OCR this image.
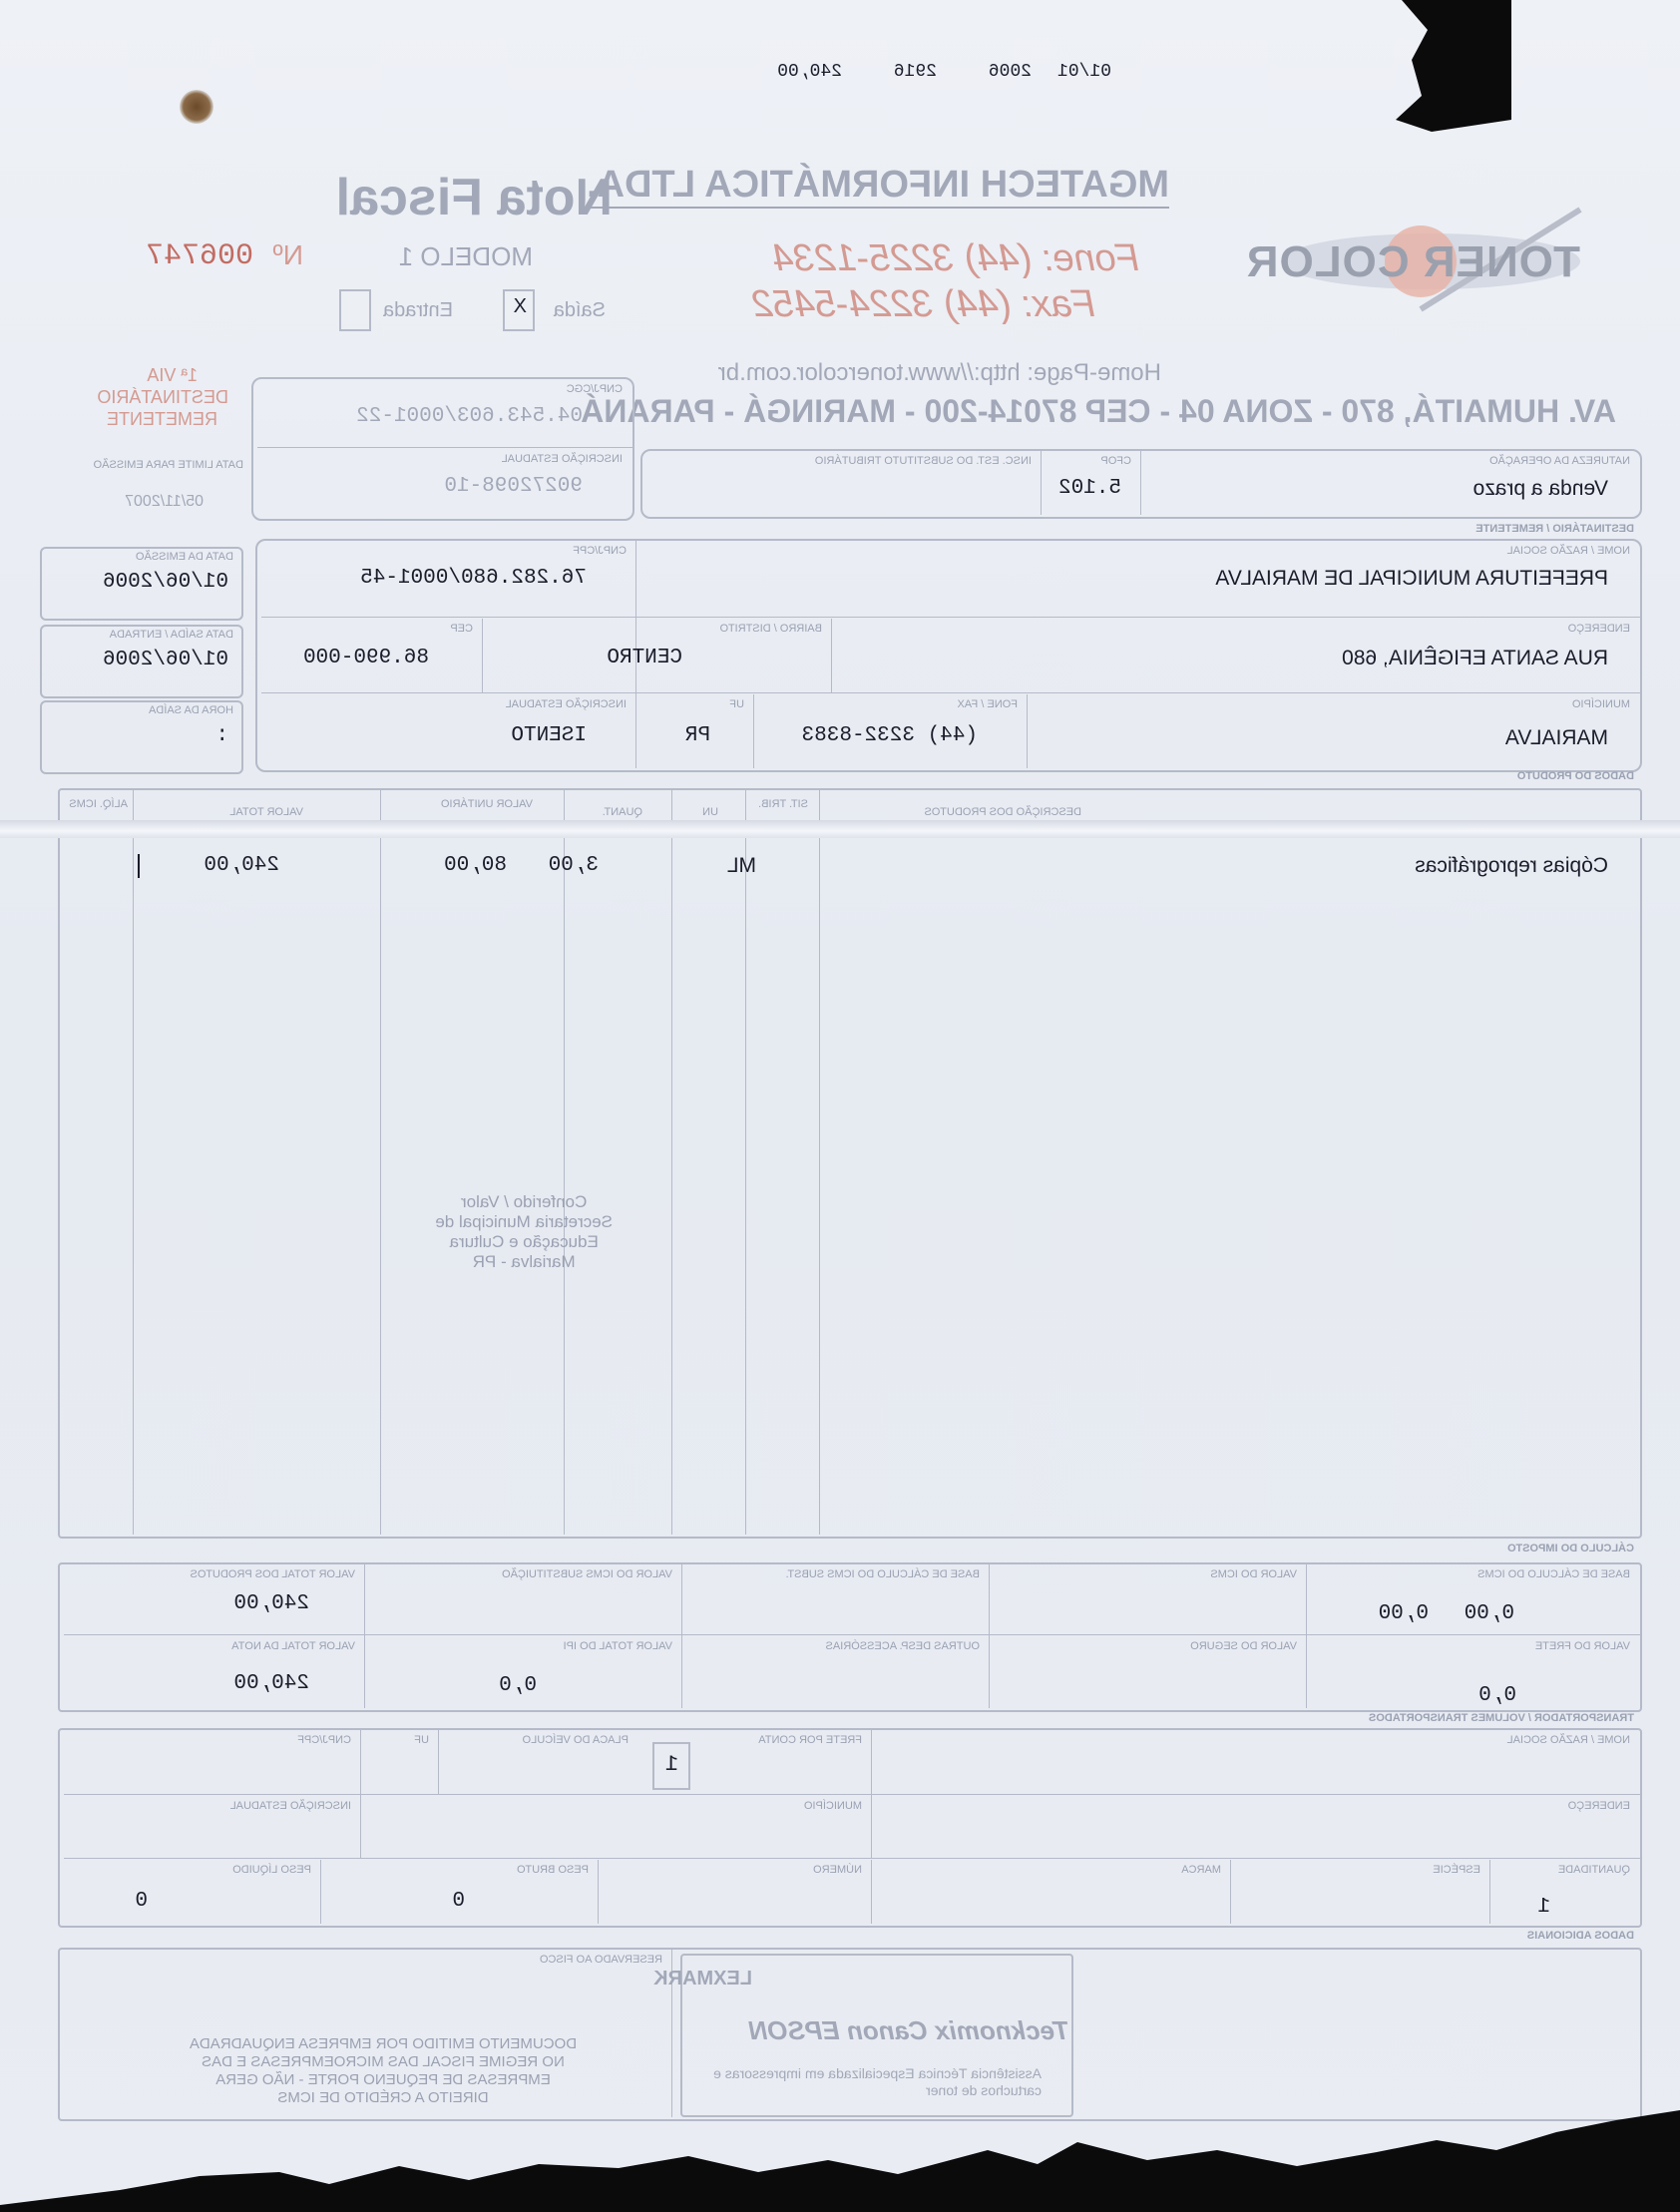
01/01
2006
2916
240,00
TONER COLOR
MGATECH INFORMÁTICA LTDA.
Fone: (44) 3225-1234
Fax: (44) 3224-5452
Home-Page: http://www.tonercolor.com.br
AV. HUMAITÁ, 870 - ZONA 04 - CEP 87014-200 - MARINGÁ - PARANÁ
Nota Fiscal
MODELO 1
Nº
006747
Saída
X
Entrada
1ª VIA
DESTINATÁRIO
REMETENTE
NATUREZA DA OPERAÇÃO
Venda a prazo
CFOP
5.102
INSC. EST. DO SUBSTITUTO TRIBUTÁRIO
CNPJ/CGC
04.543.603/0001-22
INSCRIÇÃO ESTADUAL
90272098-10
DATA LIMITE PARA EMISSÃO
05/11/2007
DESTINATÁRIO / REMETENTE
NOME / RAZÃO SOCIAL
PREFEITURA MUNICIPAL DE MARIALVA
CNPJ/CPF
76.282.680/0001-45
DATA DA EMISSÃO
01/06/2006
ENDEREÇO
RUA SANTA EFIGÊNIA, 680
BAIRRO / DISTRITO
CENTRO
CEP
86.990-000
DATA SAÍDA / ENTRADA
01/06/2006
MUNICÍPIO
MARIALVA
FONE / FAX
(44) 3232-8383
UF
PR
INSCRIÇÃO ESTADUAL
ISENTO
HORA DA SAÍDA
:
DADOS DO PRODUTO
DESCRIÇÃO DOS PRODUTOS
SIT. TRIB.
UN
QUANT.
VALOR UNITÁRIO
VALOR TOTAL
ALÍQ. ICMS
Cópias reprográficas
ML
3,00
80,00
240,00
Conferido / Valor
Secretaria Municipal de
Educação e Cultura
Marialva - PR
CÁLCULO DO IMPOSTO
BASE DE CÁLCULO DO ICMS
0,00
0,00
VALOR DO ICMS
BASE DE CÁLCULO DO ICMS SUBST.
VALOR DO ICMS SUBSTITUIÇÃO
VALOR TOTAL DOS PRODUTOS
240,00
VALOR DO FRETE
0,0
VALOR DO SEGURO
OUTRAS DESP. ACESSÓRIAS
VALOR TOTAL DO IPI
0,0
VALOR TOTAL DA NOTA
240,00
TRANSPORTADOR / VOLUMES TRANSPORTADOS
NOME / RAZÃO SOCIAL
FRETE POR CONTA
1
PLACA DO VEÍCULO
UF
CNPJ/CPF
ENDEREÇO
MUNICÍPIO
INSCRIÇÃO ESTADUAL
QUANTIDADE
1
ESPÉCIE
MARCA
NÚMERO
PESO BRUTO
0
PESO LÍQUIDO
0
DADOS ADICIONAIS
LEXMARK
Tecknomix Canon EPSON
Assistência Técnica Especializada em impressoras e cartuchos de toner
RESERVADO AO FISCO
DOCUMENTO EMITIDO POR EMPRESA ENQUADRADA
NO REGIME FISCAL DAS MICROEMPRESAS E DAS
EMPRESAS DE PEQUENO PORTE - NÃO GERA
DIREITO A CRÉDITO DE ICMS
